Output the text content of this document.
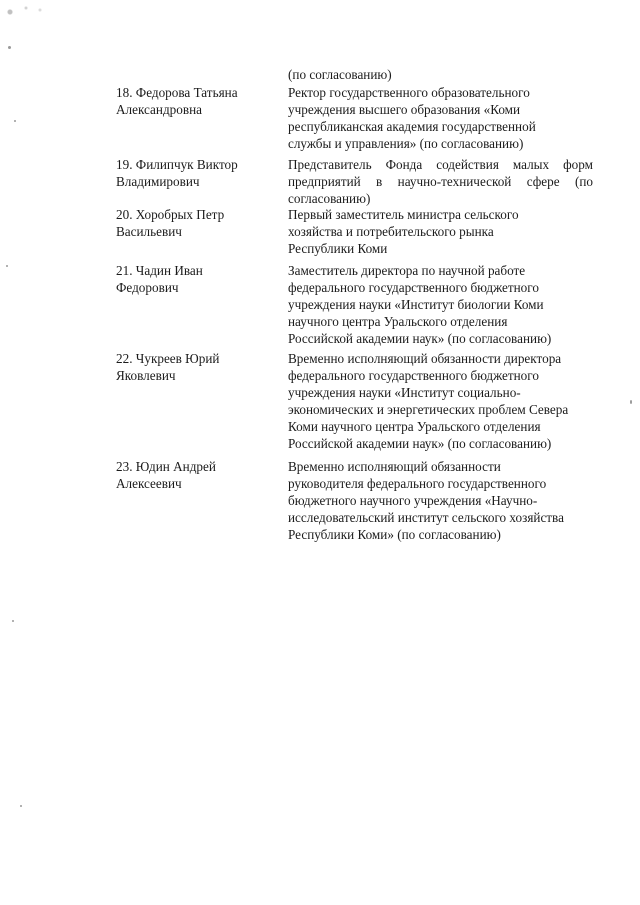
(по согласованию)
18. Федорова Татьяна
Александровна
Ректор государственного образовательного
учреждения высшего образования «Коми
республиканская академия государственной
службы и управления» (по согласованию)
19. Филипчук Виктор
Владимирович
Представитель Фонда содействия малых форм
предприятий в научно-технической сфере (по
согласованию)
20. Хоробрых Петр
Васильевич
Первый заместитель министра сельского
хозяйства и потребительского рынка
Республики Коми
21. Чадин Иван
Федорович
Заместитель директора по научной работе
федерального государственного бюджетного
учреждения науки «Институт биологии Коми
научного центра Уральского отделения
Российской академии наук» (по согласованию)
22. Чукреев Юрий
Яковлевич
Временно исполняющий обязанности директора
федерального государственного бюджетного
учреждения науки «Институт социально-
экономических и энергетических проблем Севера
Коми научного центра Уральского отделения
Российской академии наук» (по согласованию)
23. Юдин Андрей
Алексеевич
Временно исполняющий обязанности
руководителя федерального государственного
бюджетного научного учреждения «Научно-
исследовательский институт сельского хозяйства
Республики Коми» (по согласованию)
